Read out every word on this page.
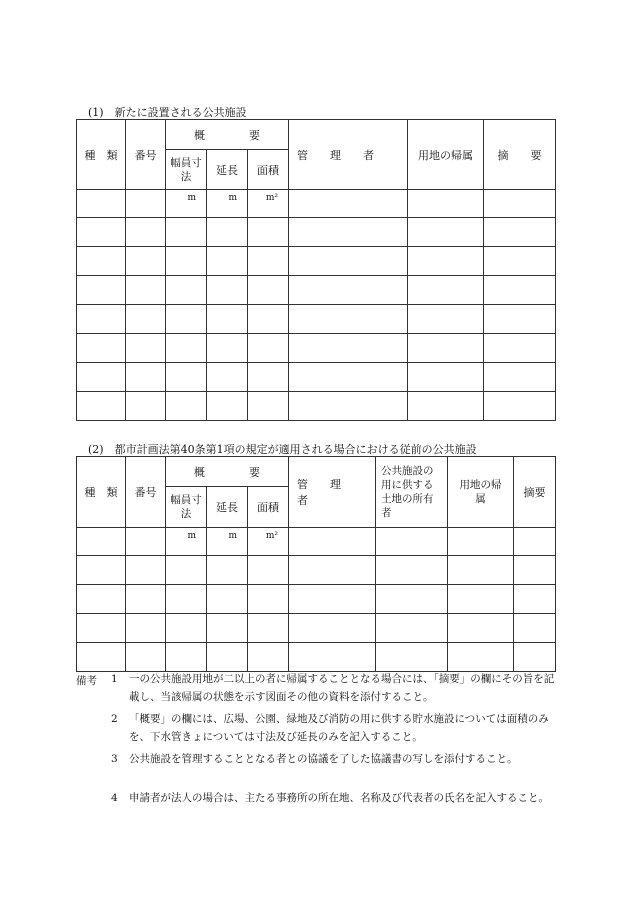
(1)　新たに設置される公共施設
種　類	番号	概　　　　要			管　　理　　者	用地の帰属	摘　　要
		幅員寸法	延長	面積			
		m	m	m²			

(2)　都市計画法第40条第1項の規定が適用される場合における従前の公共施設
種　類	番号	概　　　　要			管　　理　　者	公共施設の用に供する土地の所有者	用地の帰属	摘要
		幅員寸法	延長	面積				
		m	m	m²				

備考 1 一の公共施設用地が二以上の者に帰属することとなる場合には、「摘要」の欄にその旨を記載し、当該帰属の状態を示す図面その他の資料を添付すること。
2 「概要」の欄には、広場、公園、緑地及び消防の用に供する貯水施設については面積のみを、下水管きょについては寸法及び延長のみを記入すること。
3 公共施設を管理することとなる者との協議を了した協議書の写しを添付すること。
4 申請者が法人の場合は、主たる事務所の所在地、名称及び代表者の氏名を記入すること。
